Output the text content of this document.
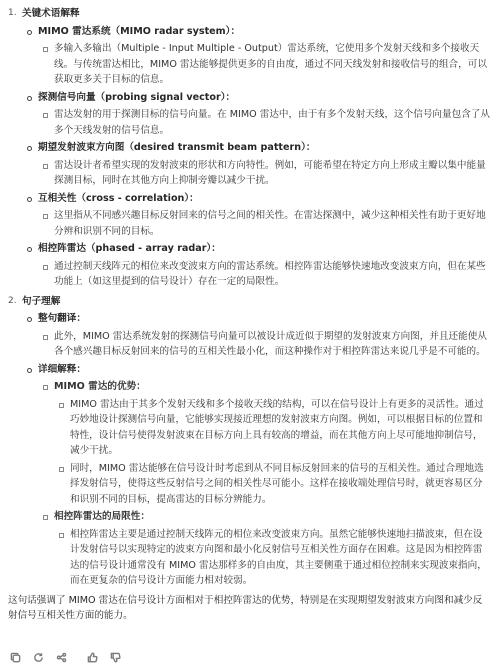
1. 关键术语解释
MIMO 雷达系统（MIMO radar system）：
多输入多输出（Multiple - Input Multiple - Output）雷达系统，它使用多个发射天线和多个接收天线。与传统雷达相比，MIMO 雷达能够提供更多的自由度，通过不同天线发射和接收信号的组合，可以获取更多关于目标的信息。
探测信号向量（probing signal vector）：
雷达发射的用于探测目标的信号向量。在 MIMO 雷达中，由于有多个发射天线，这个信号向量包含了从多个天线发射的信号信息。
期望发射波束方向图（desired transmit beam pattern）：
雷达设计者希望实现的发射波束的形状和方向特性。例如，可能希望在特定方向上形成主瓣以集中能量探测目标，同时在其他方向上抑制旁瓣以减少干扰。
互相关性（cross - correlation）：
这里指从不同感兴趣目标反射回来的信号之间的相关性。在雷达探测中，减少这种相关性有助于更好地分辨和识别不同的目标。
相控阵雷达（phased - array radar）：
通过控制天线阵元的相位来改变波束方向的雷达系统。相控阵雷达能够快速地改变波束方向，但在某些功能上（如这里提到的信号设计）存在一定的局限性。
2. 句子理解
整句翻译：
此外，MIMO 雷达系统发射的探测信号向量可以被设计成近似于期望的发射波束方向图，并且还能使从各个感兴趣目标反射回来的信号的互相关性最小化，而这种操作对于相控阵雷达来说几乎是不可能的。
详细解释：
MIMO 雷达的优势：
MIMO 雷达由于其多个发射天线和多个接收天线的结构，可以在信号设计上有更多的灵活性。通过巧妙地设计探测信号向量，它能够实现接近理想的发射波束方向图。例如，可以根据目标的位置和特性，设计信号使得发射波束在目标方向上具有较高的增益，而在其他方向上尽可能地抑制信号，减少干扰。
同时，MIMO 雷达能够在信号设计时考虑到从不同目标反射回来的信号的互相关性。通过合理地选择发射信号，使得这些反射信号之间的相关性尽可能小。这样在接收端处理信号时，就更容易区分和识别不同的目标，提高雷达的目标分辨能力。
相控阵雷达的局限性：
相控阵雷达主要是通过控制天线阵元的相位来改变波束方向。虽然它能够快速地扫描波束，但在设计发射信号以实现特定的波束方向图和最小化反射信号互相关性方面存在困难。这是因为相控阵雷达的信号设计通常没有 MIMO 雷达那样多的自由度，其主要侧重于通过相位控制来实现波束指向，而在更复杂的信号设计方面能力相对较弱。
这句话强调了 MIMO 雷达在信号设计方面相对于相控阵雷达的优势，特别是在实现期望发射波束方向图和减少反射信号互相关性方面的能力。
